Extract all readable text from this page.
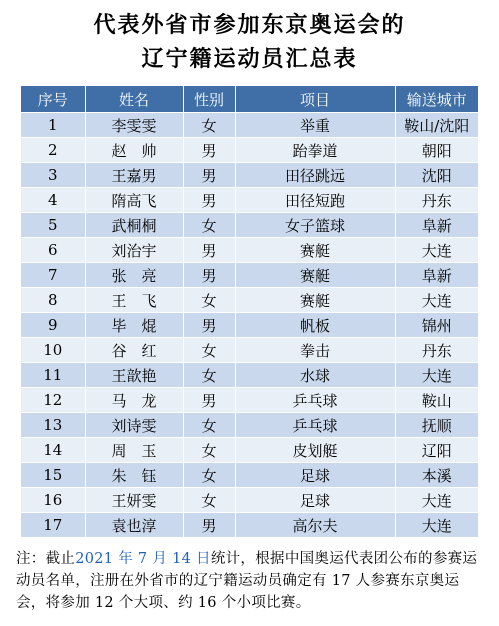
代表外省市参加东京奥运会的
辽宁籍运动员汇总表
序号	姓名	性别	项目	输送城市
1	李雯雯	女	举重	鞍山/沈阳
2	赵　帅	男	跆拳道	朝阳
3	王嘉男	男	田径跳远	沈阳
4	隋高飞	男	田径短跑	丹东
5	武桐桐	女	女子篮球	阜新
6	刘治宇	男	赛艇	大连
7	张　亮	男	赛艇	阜新
8	王　飞	女	赛艇	大连
9	毕　焜	男	帆板	锦州
10	谷　红	女	拳击	丹东
11	王歆艳	女	水球	大连
12	马　龙	男	乒乓球	鞍山
13	刘诗雯	女	乒乓球	抚顺
14	周　玉	女	皮划艇	辽阳
15	朱　钰	女	足球	本溪
16	王妍雯	女	足球	大连
17	袁也淳	男	高尔夫	大连
注：截止2021 年 7 月 14 日统计，根据中国奥运代表团公布的参赛运动员名单，注册在外省市的辽宁籍运动员确定有 17 人参赛东京奥运会，将参加 12 个大项、约 16 个小项比赛。
